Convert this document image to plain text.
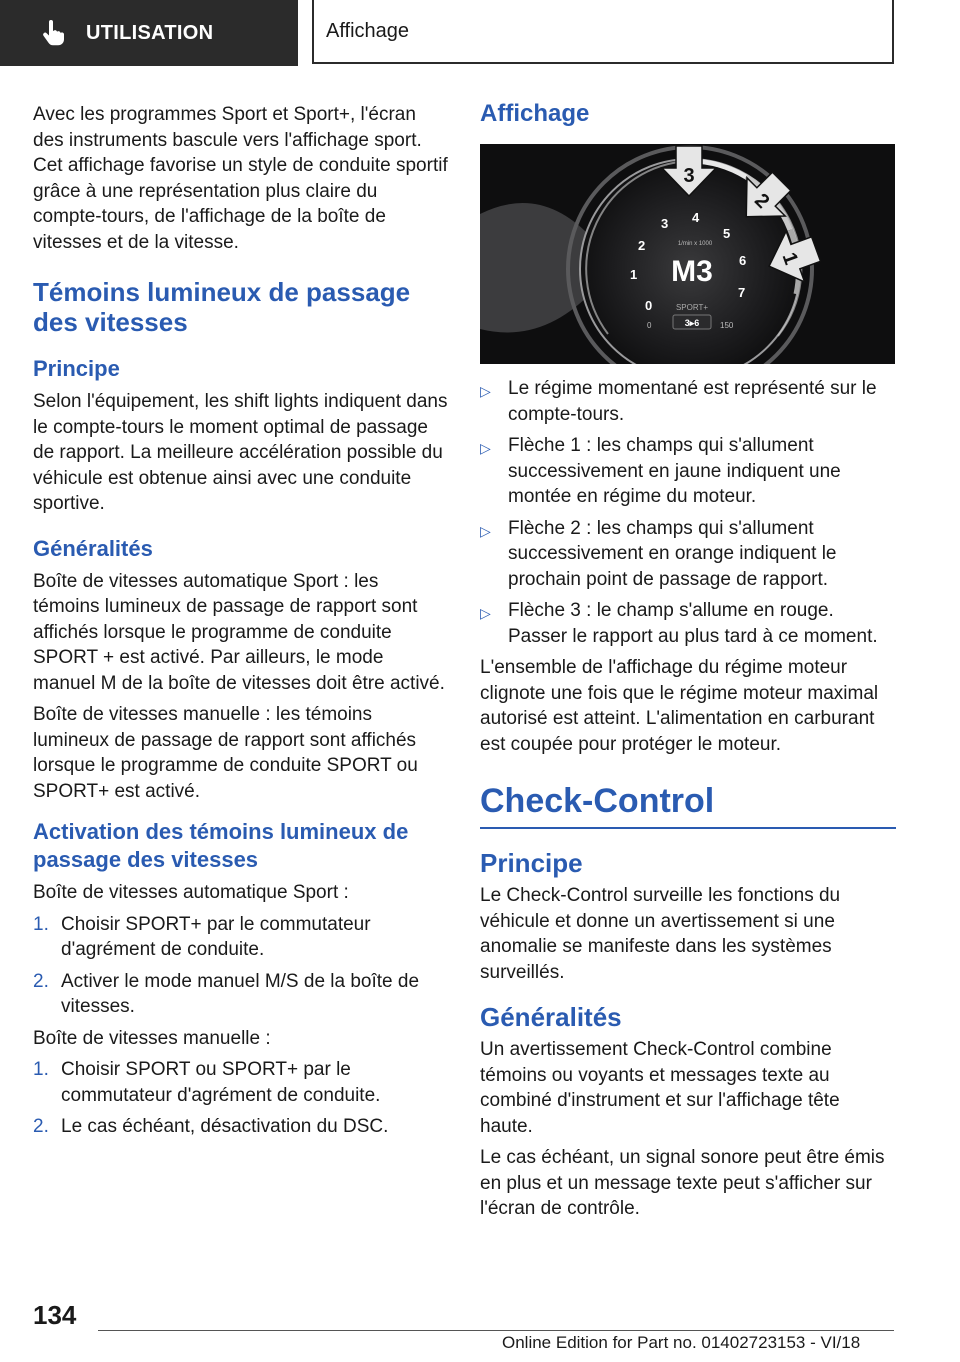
UTILISATION	Affichage

Avec les programmes Sport et Sport+, l'écran des instruments bascule vers l'affichage sport. Cet affichage favorise un style de conduite sportif grâce à une représentation plus claire du compte-tours, de l'affichage de la boîte de vitesses et de la vitesse.

Témoins lumineux de passage des vitesses
Principe

Selon l'équipement, les shift lights indiquent dans le compte-tours le moment optimal de passage de rapport. La meilleure accélération possible du véhicule est obtenue ainsi avec une conduite sportive.

Généralités

Boîte de vitesses automatique Sport : les témoins lumineux de passage de rapport sont affichés lorsque le programme de conduite SPORT + est activé. Par ailleurs, le mode manuel M de la boîte de vitesses doit être activé.

Boîte de vitesses manuelle : les témoins lumineux de passage de rapport sont affichés lorsque le programme de conduite SPORT ou SPORT+ est activé.

Activation des témoins lumineux de passage des vitesses

Boîte de vitesses automatique Sport :

1. Choisir SPORT+ par le commutateur d'agrément de conduite.
2. Activer le mode manuel M/S de la boîte de vitesses.

Boîte de vitesses manuelle :

1. Choisir SPORT ou SPORT+ par le commutateur d'agrément de conduite.
2. Le cas échéant, désactivation du DSC.
Affichage
0
1
2
3 4
5
6
7
1/min x 1000
M3
SPORT+
3▸6
0	150
3
2
1
▷ Le régime momentané est représenté sur le compte-tours.
▷ Flèche 1 : les champs qui s'allument successivement en jaune indiquent une montée en régime du moteur.
▷ Flèche 2 : les champs qui s'allument successivement en orange indiquent le prochain point de passage de rapport.
▷ Flèche 3 : le champ s'allume en rouge. Passer le rapport au plus tard à ce moment.

L'ensemble de l'affichage du régime moteur clignote une fois que le régime moteur maximal autorisé est atteint. L'alimentation en carburant est coupée pour protéger le moteur.

Check-Control
Principe

Le Check-Control surveille les fonctions du véhicule et donne un avertissement si une anomalie se manifeste dans les systèmes surveillés.

Généralités

Un avertissement Check-Control combine témoins ou voyants et messages texte au combiné d'instrument et sur l'affichage tête haute.

Le cas échéant, un signal sonore peut être émis en plus et un message texte peut s'afficher sur l'écran de contrôle.

134
Online Edition for Part no. 01402723153 - VI/18
